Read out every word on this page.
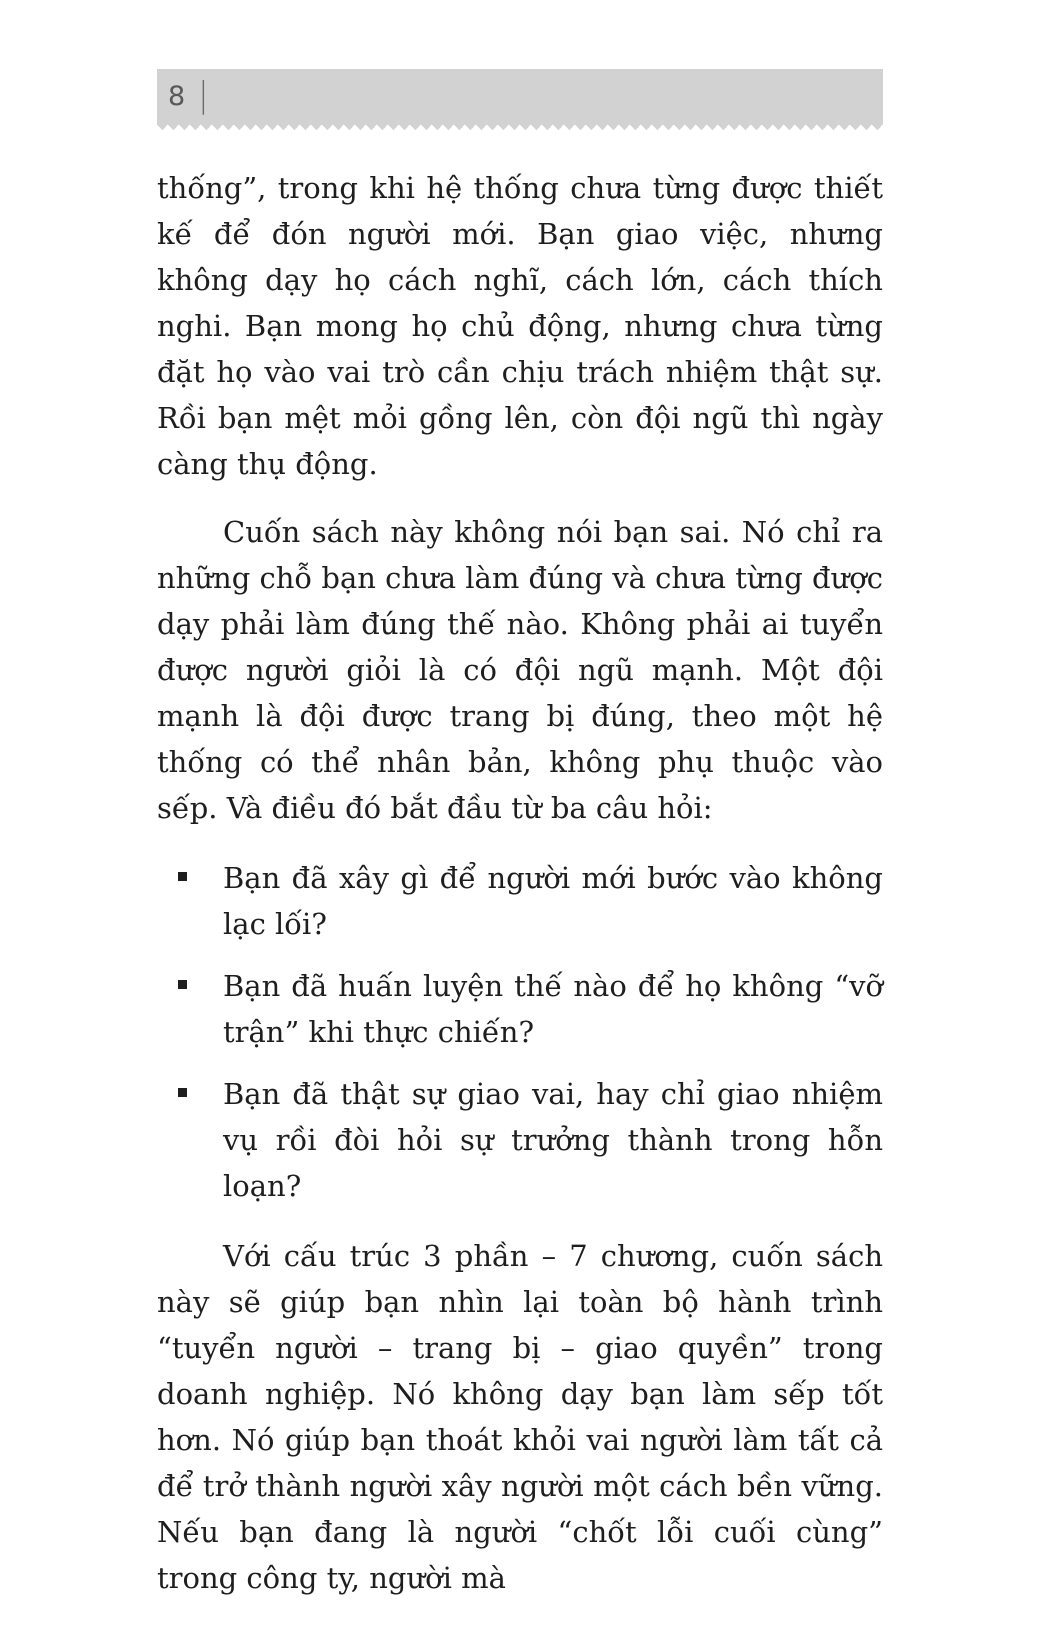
8 |

thống”, trong khi hệ thống chưa từng được thiết kế để đón người mới. Bạn giao việc, nhưng không dạy họ cách nghĩ, cách lớn, cách thích nghi. Bạn mong họ chủ động, nhưng chưa từng đặt họ vào vai trò cần chịu trách nhiệm thật sự. Rồi bạn mệt mỏi gồng lên, còn đội ngũ thì ngày càng thụ động.

Cuốn sách này không nói bạn sai. Nó chỉ ra những chỗ bạn chưa làm đúng và chưa từng được dạy phải làm đúng thế nào. Không phải ai tuyển được người giỏi là có đội ngũ mạnh. Một đội mạnh là đội được trang bị đúng, theo một hệ thống có thể nhân bản, không phụ thuộc vào sếp. Và điều đó bắt đầu từ ba câu hỏi:

Bạn đã xây gì để người mới bước vào không lạc lối?
Bạn đã huấn luyện thế nào để họ không “vỡ trận” khi thực chiến?
Bạn đã thật sự giao vai, hay chỉ giao nhiệm vụ rồi đòi hỏi sự trưởng thành trong hỗn loạn?

Với cấu trúc 3 phần – 7 chương, cuốn sách này sẽ giúp bạn nhìn lại toàn bộ hành trình “tuyển người – trang bị – giao quyền” trong doanh nghiệp. Nó không dạy bạn làm sếp tốt hơn. Nó giúp bạn thoát khỏi vai người làm tất cả để trở thành người xây người một cách bền vững. Nếu bạn đang là người “chốt lỗi cuối cùng” trong công ty, người mà
